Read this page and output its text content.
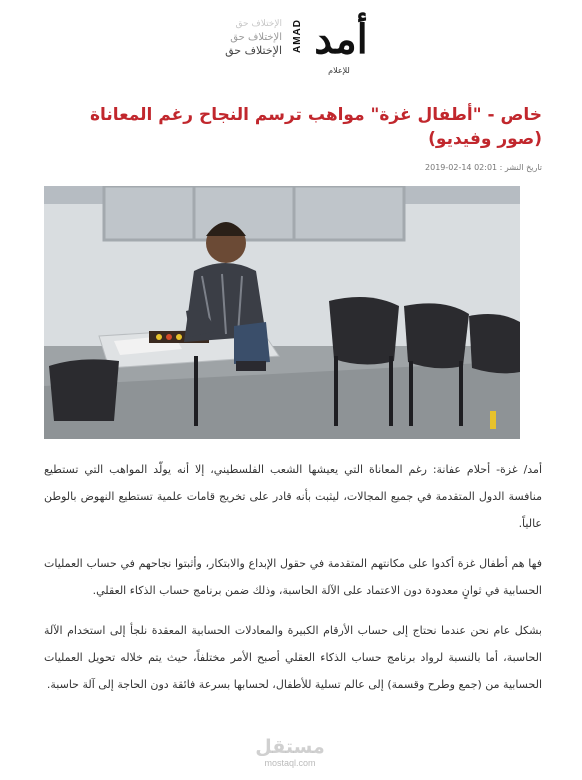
الإختلاف حق
الإختلاف حق
الإختلاف حق AMAD أمد
للإعلام
خاص - "أطفال غزة" مواهب ترسم النجاح رغم المعاناة (صور وفيديو)
تاريخ النشر : 2019-02-14 02:01

أمد/ غزة- أحلام عفانة: رغم المعاناة التي يعيشها الشعب الفلسطيني، إلا أنه يولّد المواهب التي تستطيع منافسة الدول المتقدمة في جميع المجالات، ليثبت بأنه قادر على تخريج قامات علمية تستطيع النهوض بالوطن عالياً.

فها هم أطفال غزة أكدوا على مكانتهم المتقدمة في حقول الإبداع والابتكار، وأثبتوا نجاحهم في حساب العمليات الحسابية في ثوانٍ معدودة دون الاعتماد على الآلة الحاسبة، وذلك ضمن برنامج حساب الذكاء العقلي.

بشكل عام نحن عندما نحتاج إلى حساب الأرقام الكبيرة والمعادلات الحسابية المعقدة نلجأ إلى استخدام الآلة الحاسبة، أما بالنسبة لرواد برنامج حساب الذكاء العقلي أصبح الأمر مختلفاً، حيث يتم خلاله تحويل العمليات الحسابية من (جمع وطرح وقسمة) إلى عالم تسلية للأطفال، لحسابها بسرعة فائقة دون الحاجة إلى آلة حاسبة.

مستقل
mostaql.com
